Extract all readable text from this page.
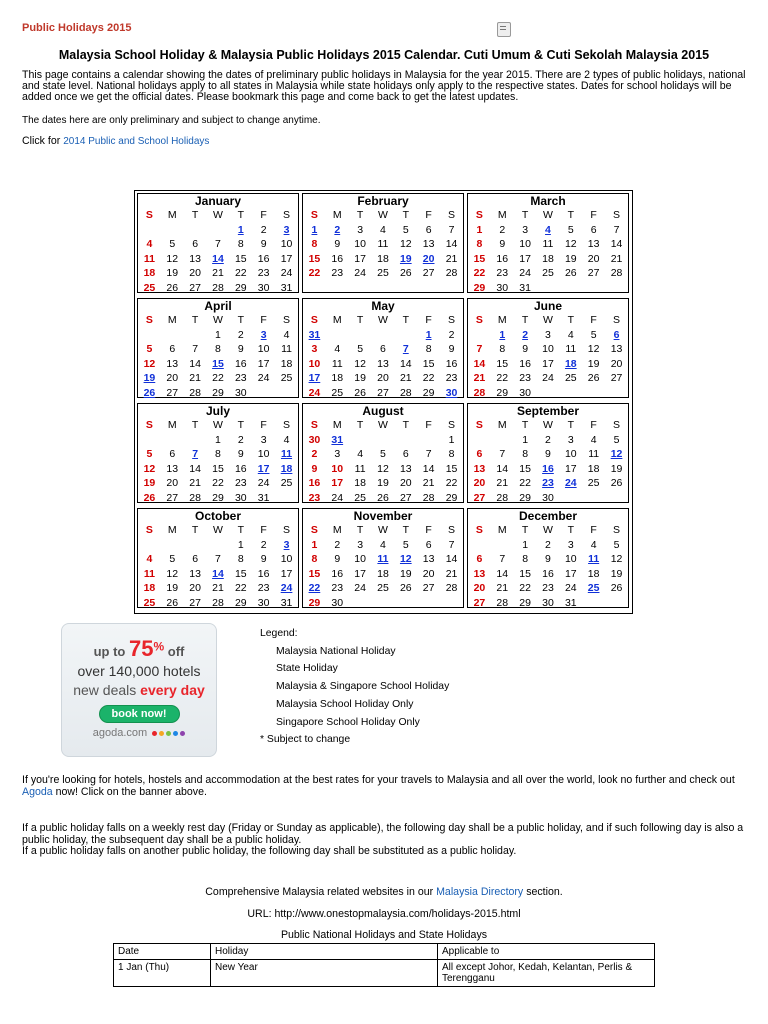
Public Holidays 2015
Malaysia School Holiday & Malaysia Public Holidays 2015 Calendar. Cuti Umum & Cuti Sekolah Malaysia 2015
This page contains a calendar showing the dates of preliminary public holidays in Malaysia for the year 2015. There are 2 types of public holidays, national and state level. National holidays apply to all states in Malaysia while state holidays only apply to the respective states. Dates for school holidays will be added once we get the official dates. Please bookmark this page and come back to get the latest updates.
The dates here are only preliminary and subject to change anytime.
Click for 2014 Public and School Holidays
January
S	M	T	W	T	F	S
				1	2	3
4	5	6	7	8	9	10
11	12	13	14	15	16	17
18	19	20	21	22	23	24
25	26	27	28	29	30	31
February
S	M	T	W	T	F	S
1	2	3	4	5	6	7
8	9	10	11	12	13	14
15	16	17	18	19	20	21
22	23	24	25	26	27	28

March
S	M	T	W	T	F	S
1	2	3	4	5	6	7
8	9	10	11	12	13	14
15	16	17	18	19	20	21
22	23	24	25	26	27	28
29	30	31				
April
S	M	T	W	T	F	S
			1	2	3	4
5	6	7	8	9	10	11
12	13	14	15	16	17	18
19	20	21	22	23	24	25
26	27	28	29	30		
May
S	M	T	W	T	F	S
31					1	2
3	4	5	6	7	8	9
10	11	12	13	14	15	16
17	18	19	20	21	22	23
24	25	26	27	28	29	30
June
S	M	T	W	T	F	S
	1	2	3	4	5	6
7	8	9	10	11	12	13
14	15	16	17	18	19	20
21	22	23	24	25	26	27
28	29	30				
July
S	M	T	W	T	F	S
			1	2	3	4
5	6	7	8	9	10	11
12	13	14	15	16	17	18
19	20	21	22	23	24	25
26	27	28	29	30	31	
August
S	M	T	W	T	F	S
30	31					1
2	3	4	5	6	7	8
9	10	11	12	13	14	15
16	17	18	19	20	21	22
23	24	25	26	27	28	29
September
S	M	T	W	T	F	S
		1	2	3	4	5
6	7	8	9	10	11	12
13	14	15	16	17	18	19
20	21	22	23	24	25	26
27	28	29	30			
October
S	M	T	W	T	F	S
				1	2	3
4	5	6	7	8	9	10
11	12	13	14	15	16	17
18	19	20	21	22	23	24
25	26	27	28	29	30	31
November
S	M	T	W	T	F	S
1	2	3	4	5	6	7
8	9	10	11	12	13	14
15	16	17	18	19	20	21
22	23	24	25	26	27	28
29	30					
December
S	M	T	W	T	F	S
		1	2	3	4	5
6	7	8	9	10	11	12
13	14	15	16	17	18	19
20	21	22	23	24	25	26
27	28	29	30	31		
up to 75% off
over 140,000 hotels
new deals every day
book now!
agoda.com
Legend:
Malaysia National Holiday
State Holiday
Malaysia & Singapore School Holiday
Malaysia School Holiday Only
Singapore School Holiday Only
* Subject to change
If you're looking for hotels, hostels and accommodation at the best rates for your travels to Malaysia and all over the world, look no further and check out Agoda now! Click on the banner above.
If a public holiday falls on a weekly rest day (Friday or Sunday as applicable), the following day shall be a public holiday, and if such following day is also a public holiday, the subsequent day shall be a public holiday.
If a public holiday falls on another public holiday, the following day shall be substituted as a public holiday.
Comprehensive Malaysia related websites in our Malaysia Directory section.
URL: http://www.onestopmalaysia.com/holidays-2015.html
Public National Holidays and State Holidays
Date	Holiday	Applicable to
1 Jan (Thu)	New Year	All except Johor, Kedah, Kelantan, Perlis & Terengganu
